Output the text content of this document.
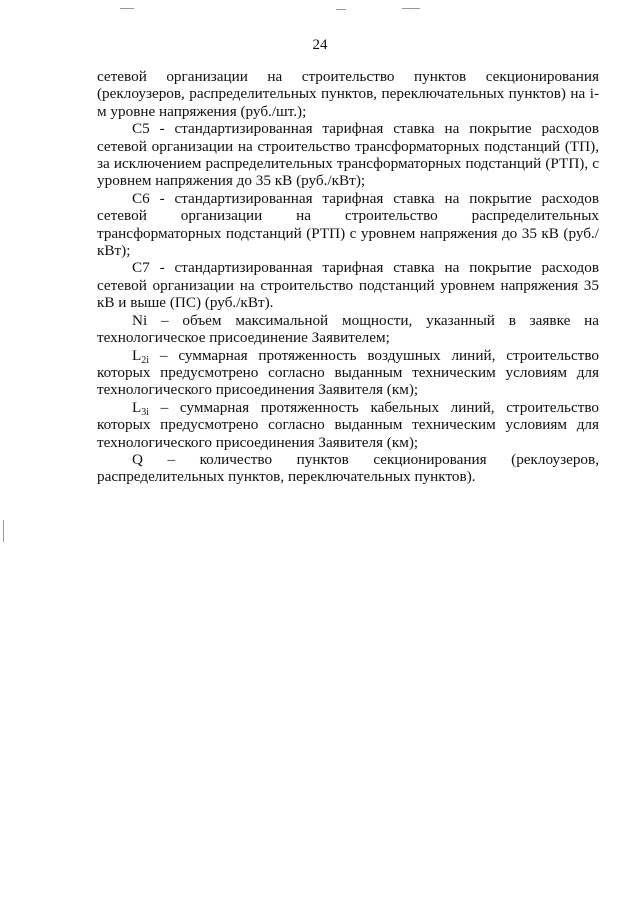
24

сетевой организации на строительство пунктов секционирования (реклоузеров, распределительных пунктов, переключательных пунктов) на i-м уровне напряжения (руб./шт.);

C5 - стандартизированная тарифная ставка на покрытие расходов сетевой организации на строительство трансформаторных подстанций (ТП), за исключением распределительных трансформаторных подстанций (РТП), с уровнем напряжения до 35 кВ (руб./кВт);

С6 - стандартизированная тарифная ставка на покрытие расходов сетевой организации на строительство распределительных трансформаторных подстанций (РТП) с уровнем напряжения до 35 кВ (руб./кВт);

С7 - стандартизированная тарифная ставка на покрытие расходов сетевой организации на строительство подстанций уровнем напряжения 35 кВ и выше (ПС) (руб./кВт).

Ni – объем максимальной мощности, указанный в заявке на технологическое присоединение Заявителем;

$L_{2i}$ – суммарная протяженность воздушных линий, строительство которых предусмотрено согласно выданным техническим условиям для технологического присоединения Заявителя (км);

$L_{3i}$ – суммарная протяженность кабельных линий, строительство которых предусмотрено согласно выданным техническим условиям для технологического присоединения Заявителя (км);

Q – количество пунктов секционирования (реклоузеров, распределительных пунктов, переключательных пунктов).
